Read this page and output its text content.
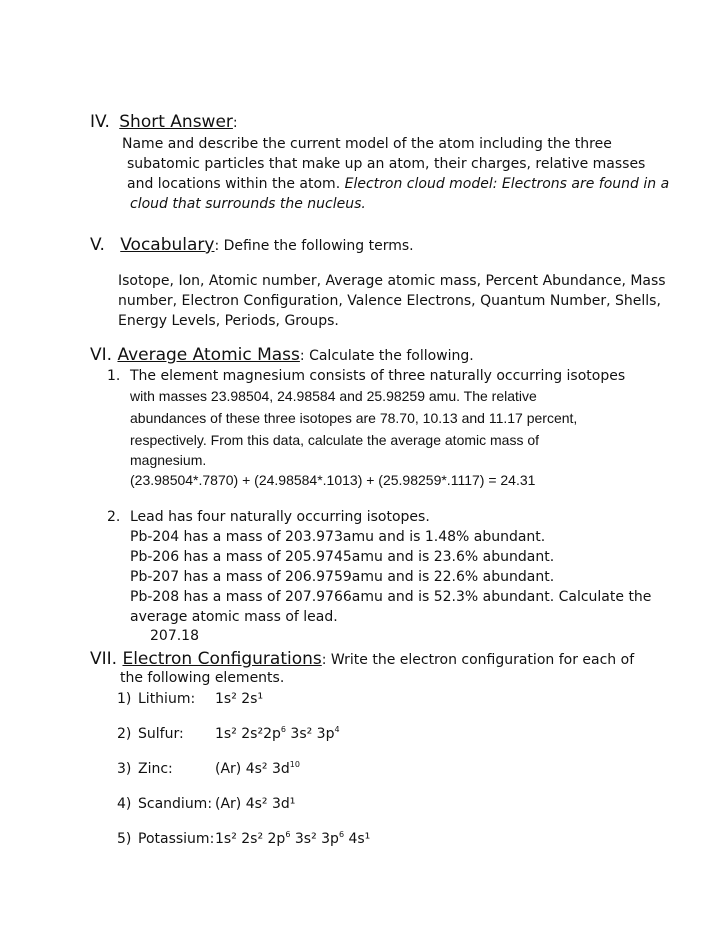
IV. Short Answer:
Name and describe the current model of the atom including the three
subatomic particles that make up an atom, their charges, relative masses
and locations within the atom. Electron cloud model: Electrons are found in a
cloud that surrounds the nucleus.
V. Vocabulary: Define the following terms.
Isotope, Ion, Atomic number, Average atomic mass, Percent Abundance, Mass
number, Electron Configuration, Valence Electrons, Quantum Number, Shells,
Energy Levels, Periods, Groups.
VI. Average Atomic Mass: Calculate the following.
1. The element magnesium consists of three naturally occurring isotopes
with masses 23.98504, 24.98584 and 25.98259 amu. The relative
abundances of these three isotopes are 78.70, 10.13 and 11.17 percent,
respectively. From this data, calculate the average atomic mass of
magnesium.
(23.98504*.7870) + (24.98584*.1013) + (25.98259*.1117) = 24.31
2. Lead has four naturally occurring isotopes.
Pb-204 has a mass of 203.973amu and is 1.48% abundant.
Pb-206 has a mass of 205.9745amu and is 23.6% abundant.
Pb-207 has a mass of 206.9759amu and is 22.6% abundant.
Pb-208 has a mass of 207.9766amu and is 52.3% abundant. Calculate the
average atomic mass of lead.
207.18
VII. Electron Configurations: Write the electron configuration for each of
the following elements.
1) Lithium: 1s² 2s¹
2) Sulfur: 1s² $2s^22p^6$ 3s² $3p^4$
3) Zinc:	(Ar) 4s² $3d^{10}$
4) Scandium: (Ar) 4s² 3d¹
5) Potassium: 1s² 2s² $2p^6$ 3s² $3p^6$ 4s¹
